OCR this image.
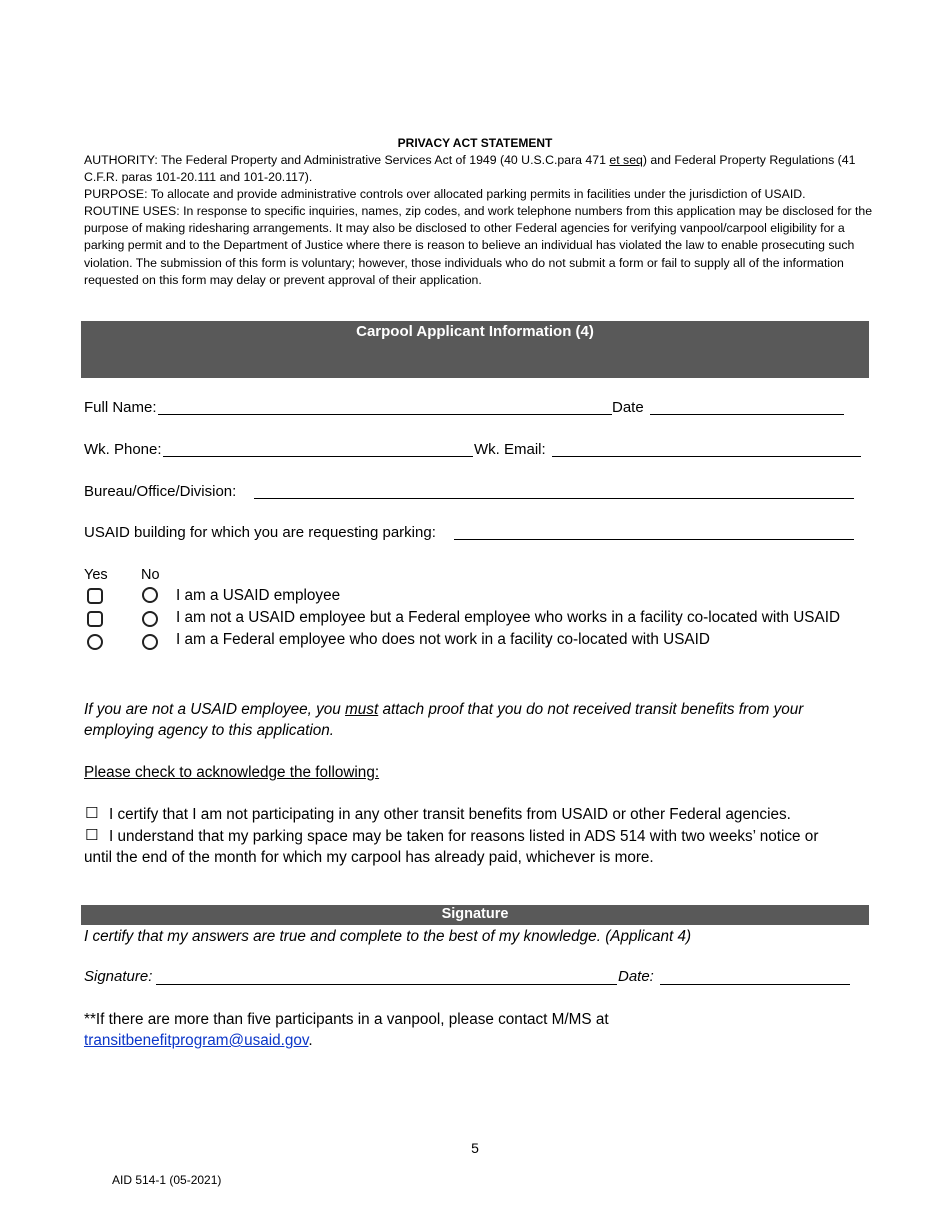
PRIVACY ACT STATEMENT

AUTHORITY: The Federal Property and Administrative Services Act of 1949 (40 U.S.C.para 471 et seq) and Federal Property Regulations (41 C.F.R. paras 101-20.111 and 101-20.117).

PURPOSE: To allocate and provide administrative controls over allocated parking permits in facilities under the jurisdiction of USAID.

ROUTINE USES: In response to specific inquiries, names, zip codes, and work telephone numbers from this application may be disclosed for the purpose of making ridesharing arrangements. It may also be disclosed to other Federal agencies for verifying vanpool/carpool eligibility for a parking permit and to the Department of Justice where there is reason to believe an individual has violated the law to enable prosecuting such violation. The submission of this form is voluntary; however, those individuals who do not submit a form or fail to supply all of the information requested on this form may delay or prevent approval of their application.

Carpool Applicant Information (4)
Full Name:	Date
Wk. Phone:	Wk. Email:
Bureau/Office/Division:
USAID building for which you are requesting parking:
Yes No
I am a USAID employee
I am not a USAID employee but a Federal employee who works in a facility co-located with USAID
I am a Federal employee who does not work in a facility co-located with USAID
If you are not a USAID employee, you must attach proof that you do not received transit benefits from your employing agency to this application.
Please check to acknowledge the following:
☐ I certify that I am not participating in any other transit benefits from USAID or other Federal agencies.
☐ I understand that my parking space may be taken for reasons listed in ADS 514 with two weeks’ notice or
until the end of the month for which my carpool has already paid, whichever is more.
Signature
I certify that my answers are true and complete to the best of my knowledge. (Applicant 4)
Signature:	Date:
**If there are more than five participants in a vanpool, please contact M/MS at
transitbenefitprogram@usaid.gov.
5
AID 514-1 (05-2021)
